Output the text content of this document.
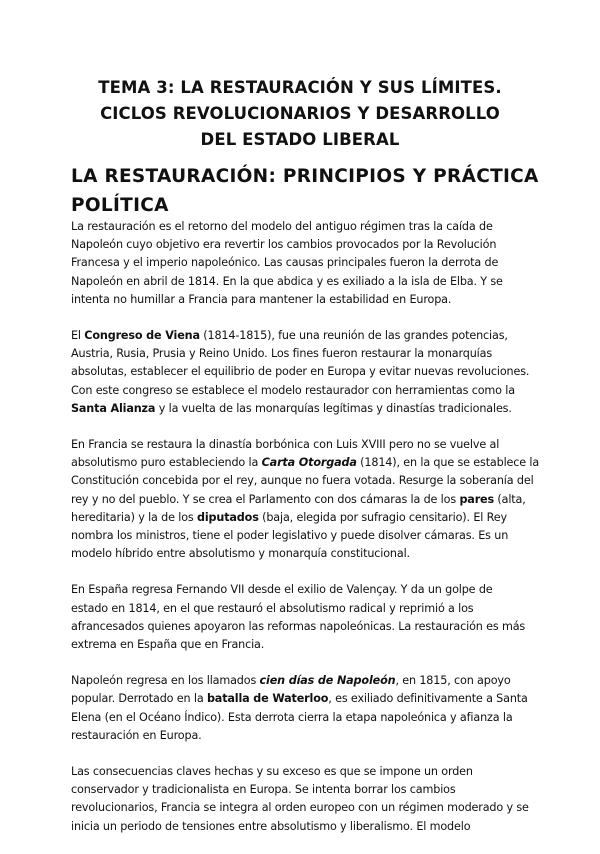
TEMA 3: LA RESTAURACIÓN Y SUS LÍMITES.
CICLOS REVOLUCIONARIOS Y DESARROLLO
DEL ESTADO LIBERAL
LA RESTAURACIÓN: PRINCIPIOS Y PRÁCTICA
POLÍTICA

La restauración es el retorno del modelo del antiguo régimen tras la caída de
Napoleón cuyo objetivo era revertir los cambios provocados por la Revolución
Francesa y el imperio napoleónico. Las causas principales fueron la derrota de
Napoleón en abril de 1814. En la que abdica y es exiliado a la isla de Elba. Y se
intenta no humillar a Francia para mantener la estabilidad en Europa.

El Congreso de Viena (1814-1815), fue una reunión de las grandes potencias,
Austria, Rusia, Prusia y Reino Unido. Los fines fueron restaurar la monarquías
absolutas, establecer el equilibrio de poder en Europa y evitar nuevas revoluciones.
Con este congreso se establece el modelo restaurador con herramientas como la
Santa Alianza y la vuelta de las monarquías legítimas y dinastías tradicionales.

En Francia se restaura la dinastía borbónica con Luis XVIII pero no se vuelve al
absolutismo puro estableciendo la Carta Otorgada (1814), en la que se establece la
Constitución concebida por el rey, aunque no fuera votada. Resurge la soberanía del
rey y no del pueblo. Y se crea el Parlamento con dos cámaras la de los pares (alta,
hereditaria) y la de los diputados (baja, elegida por sufragio censitario). El Rey
nombra los ministros, tiene el poder legislativo y puede disolver cámaras. Es un
modelo híbrido entre absolutismo y monarquía constitucional.

En España regresa Fernando VII desde el exilio de Valençay. Y da un golpe de
estado en 1814, en el que restauró el absolutismo radical y reprimió a los
afrancesados quienes apoyaron las reformas napoleónicas. La restauración es más
extrema en España que en Francia.

Napoleón regresa en los llamados cien días de Napoleón, en 1815, con apoyo
popular. Derrotado en la batalla de Waterloo, es exiliado definitivamente a Santa
Elena (en el Océano Índico). Esta derrota cierra la etapa napoleónica y afianza la
restauración en Europa.

Las consecuencias claves hechas y su exceso es que se impone un orden
conservador y tradicionalista en Europa. Se intenta borrar los cambios
revolucionarios, Francia se integra al orden europeo con un régimen moderado y se
inicia un periodo de tensiones entre absolutismo y liberalismo. El modelo
